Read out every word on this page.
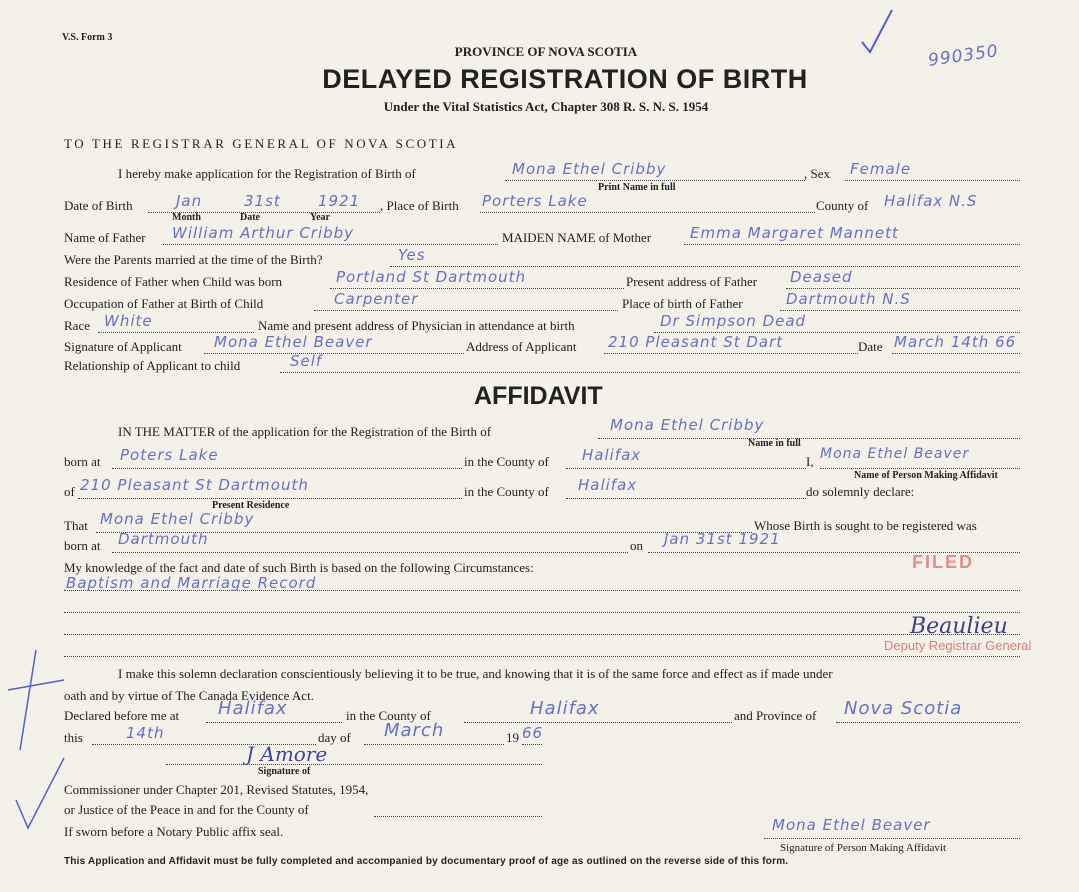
V.S. Form 3
PROVINCE OF NOVA SCOTIA
DELAYED REGISTRATION OF BIRTH
Under the Vital Statistics Act, Chapter 308 R. S. N. S. 1954
990350
TO THE REGISTRAR GENERAL OF NOVA SCOTIA
I hereby make application for the Registration of Birth of	Mona Ethel Cribby
Print Name in full
, Sex Female
Date of Birth	Jan	31st 1921
Month	Date	Year
, Place of Birth Porters Lake	County of Halifax N.S
Name of Father William Arthur Cribby	MAIDEN NAME of Mother	Emma Margaret Mannett
Were the Parents married at the time of the Birth?	Yes
Residence of Father when Child was born	Portland St Dartmouth	Present address of Father Deased
Occupation of Father at Birth of Child	Carpenter	Place of birth of Father	Dartmouth N.S
Race White	Name and present address of Physician in attendance at birth	Dr Simpson Dead
Signature of Applicant Mona Ethel Beaver	Address of Applicant 210 Pleasant St Dart	Date March 14th 66
Relationship of Applicant to child	Self
AFFIDAVIT
IN THE MATTER of the application for the Registration of the Birth of	Mona Ethel Cribby
Name in full
born at Poters Lake	in the County of Halifax	I, Mona Ethel Beaver
Name of Person Making Affidavit
of 210 Pleasant St Dartmouth	in the County of Halifax	do solemnly declare:
Present Residence
That Mona Ethel Cribby	Whose Birth is sought to be registered was
born at Dartmouth	on Jan 31st 1921
My knowledge of the fact and date of such Birth is based on the following Circumstances:
Baptism and Marriage Record
FILED
Deputy Registrar General
Beaulieu
I make this solemn declaration conscientiously believing it to be true, and knowing that it is of the same force and effect as if made under
oath and by virtue of The Canada Evidence Act.
Declared before me at Halifax	in the County of	Halifax	and Province of Nova Scotia
this	14th	day of March	19 66
J Amore
Signature of
Commissioner under Chapter 201, Revised Statutes, 1954,
or Justice of the Peace in and for the County of
If sworn before a Notary Public affix seal.	Mona Ethel Beaver
Signature of Person Making Affidavit
This Application and Affidavit must be fully completed and accompanied by documentary proof of age as outlined on the reverse side of this form.
